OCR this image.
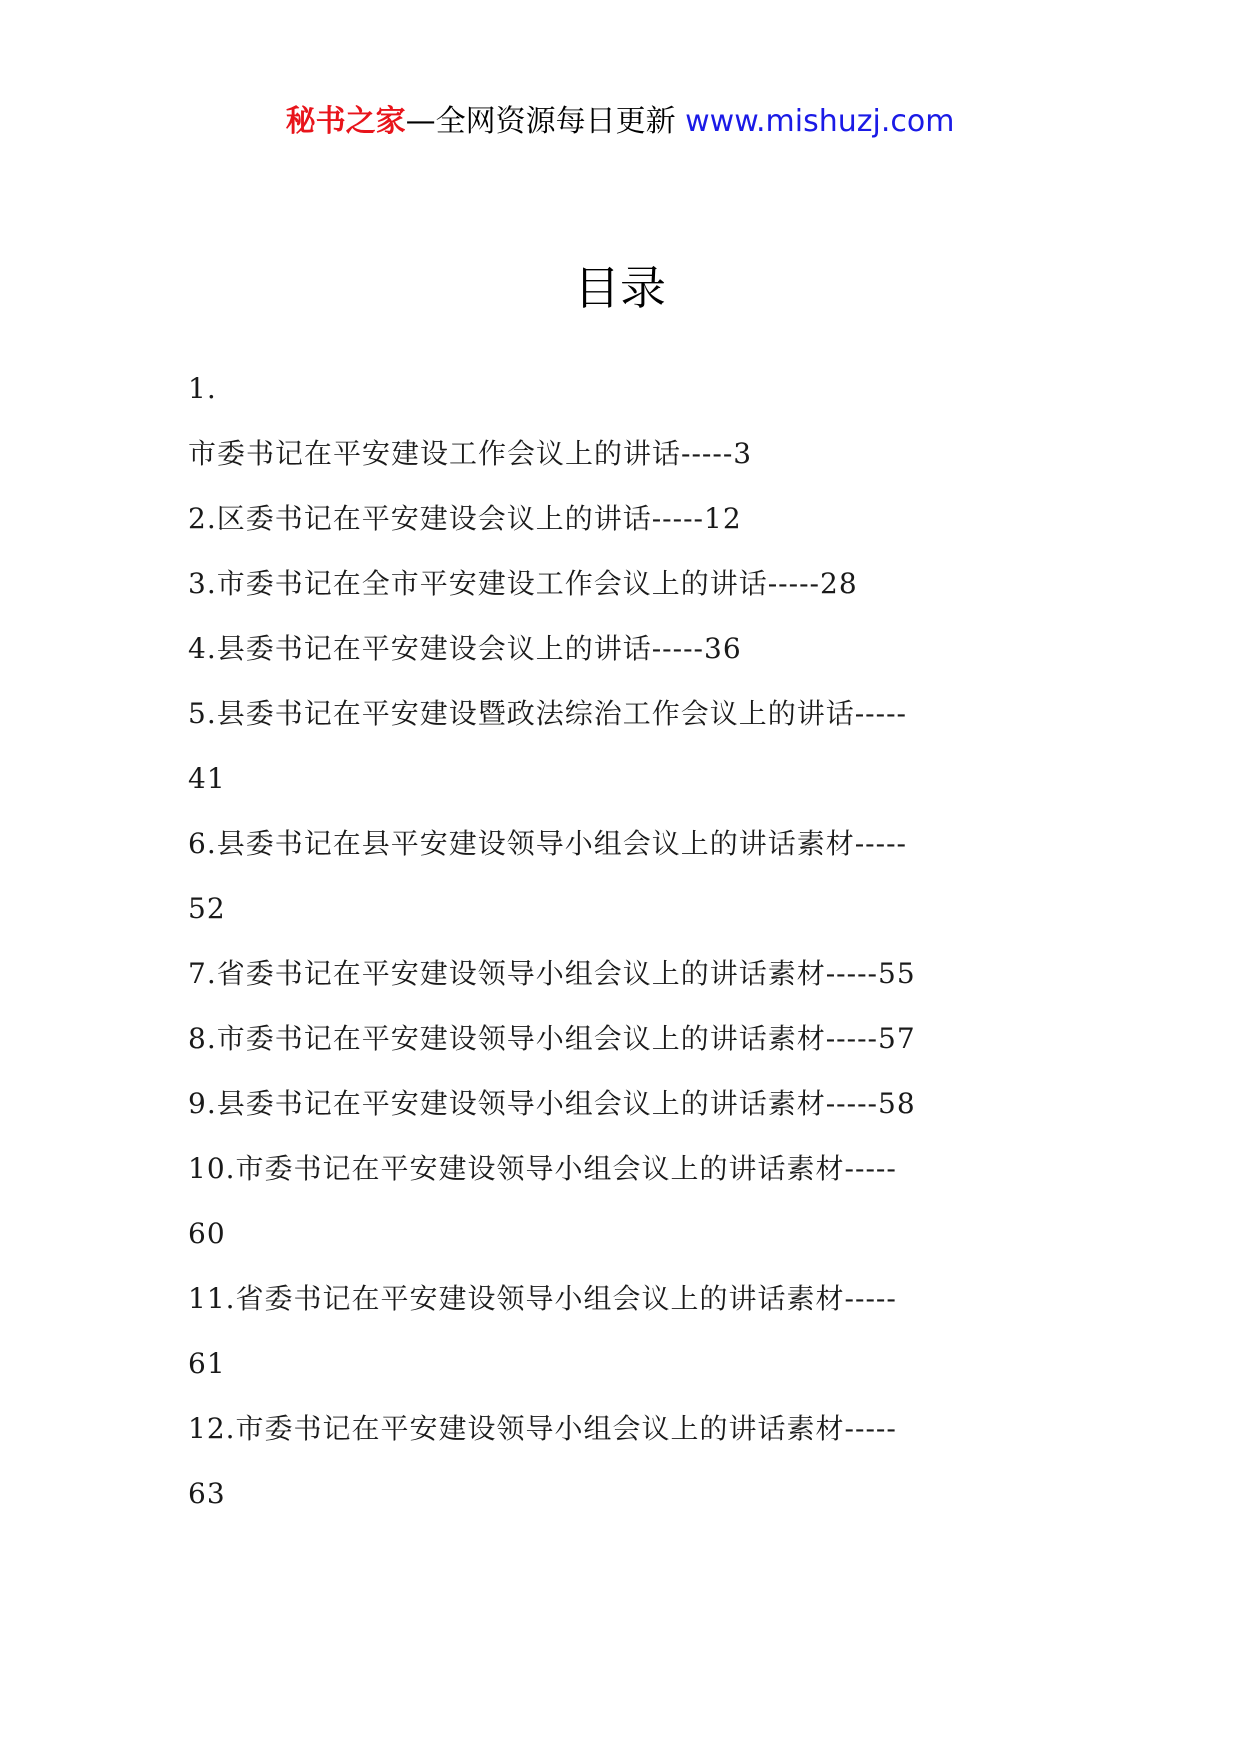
秘书之家—全网资源每日更新 www.mishuzj.com
目录
1.
市委书记在平安建设工作会议上的讲话-----3
2.区委书记在平安建设会议上的讲话-----12
3.市委书记在全市平安建设工作会议上的讲话-----28
4.县委书记在平安建设会议上的讲话-----36
5.县委书记在平安建设暨政法综治工作会议上的讲话-----
41
6.县委书记在县平安建设领导小组会议上的讲话素材-----
52
7.省委书记在平安建设领导小组会议上的讲话素材-----55
8.市委书记在平安建设领导小组会议上的讲话素材-----57
9.县委书记在平安建设领导小组会议上的讲话素材-----58
10.市委书记在平安建设领导小组会议上的讲话素材-----
60
11.省委书记在平安建设领导小组会议上的讲话素材-----
61
12.市委书记在平安建设领导小组会议上的讲话素材-----
63
